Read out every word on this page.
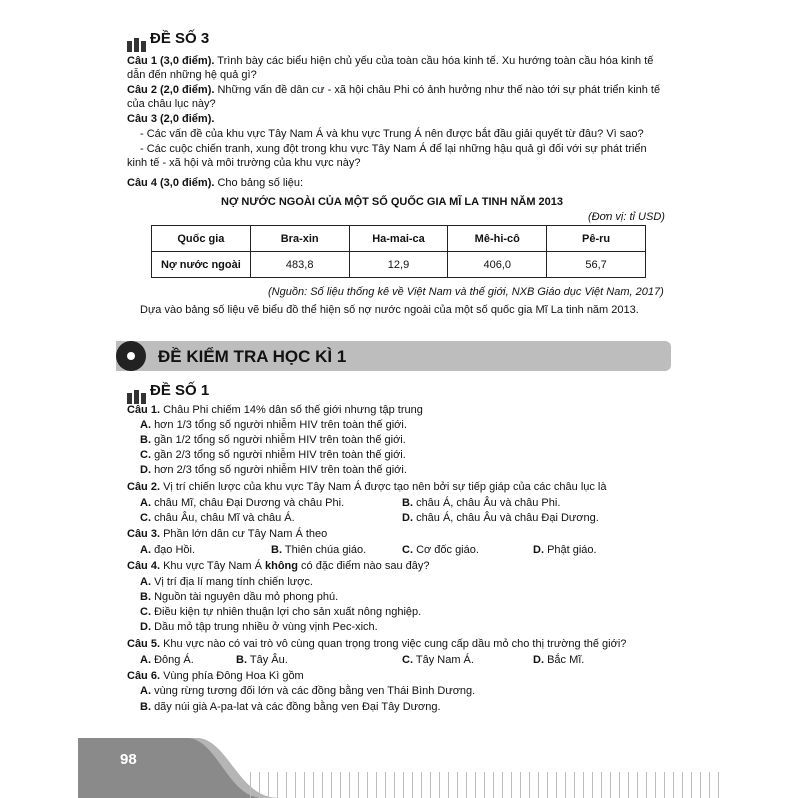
ĐỀ SỐ 3
Câu 1 (3,0 điểm). Trình bày các biểu hiện chủ yếu của toàn cầu hóa kinh tế. Xu hướng toàn cầu hóa kinh tế
dẫn đến những hệ quả gì?
Câu 2 (2,0 điểm). Những vấn đề dân cư - xã hội châu Phi có ảnh hưởng như thế nào tới sự phát triển kinh tế
của châu lục này?
Câu 3 (2,0 điểm).
- Các vấn đề của khu vực Tây Nam Á và khu vực Trung Á nên được bắt đầu giải quyết từ đâu? Vì sao?
- Các cuộc chiến tranh, xung đột trong khu vực Tây Nam Á để lại những hậu quả gì đối với sự phát triển
kinh tế - xã hội và môi trường của khu vực này?
Câu 4 (3,0 điểm). Cho bảng số liệu:
NỢ NƯỚC NGOÀI CỦA MỘT SỐ QUỐC GIA MĨ LA TINH NĂM 2013
(Đơn vị: tỉ USD)
Quốc gia	Bra-xin	Ha-mai-ca	Mê-hi-cô	Pê-ru
Nợ nước ngoài	483,8	12,9	406,0	56,7
(Nguồn: Số liệu thống kê về Việt Nam và thế giới, NXB Giáo dục Việt Nam, 2017)
Dựa vào bảng số liệu vẽ biểu đồ thể hiện số nợ nước ngoài của một số quốc gia Mĩ La tinh năm 2013.
ĐỀ KIỂM TRA HỌC KÌ 1
ĐỀ SỐ 1
Câu 1. Châu Phi chiếm 14% dân số thế giới nhưng tập trung
A. hơn 1/3 tổng số người nhiễm HIV trên toàn thế giới.
B. gần 1/2 tổng số người nhiễm HIV trên toàn thế giới.
C. gần 2/3 tổng số người nhiễm HIV trên toàn thế giới.
D. hơn 2/3 tổng số người nhiễm HIV trên toàn thế giới.
Câu 2. Vị trí chiến lược của khu vực Tây Nam Á được tạo nên bởi sự tiếp giáp của các châu lục là
A. châu Mĩ, châu Đại Dương và châu Phi.	B. châu Á, châu Âu và châu Phi.
C. châu Âu, châu Mĩ và châu Á.	D. châu Á, châu Âu và châu Đại Dương.
Câu 3. Phần lớn dân cư Tây Nam Á theo
A. đạo Hồi.	B. Thiên chúa giáo.	C. Cơ đốc giáo.	D. Phật giáo.
Câu 4. Khu vực Tây Nam Á không có đặc điểm nào sau đây?
A. Vị trí địa lí mang tính chiến lược.
B. Nguồn tài nguyên dầu mỏ phong phú.
C. Điều kiện tự nhiên thuận lợi cho sản xuất nông nghiệp.
D. Dầu mỏ tập trung nhiều ở vùng vịnh Pec-xich.
Câu 5. Khu vực nào có vai trò vô cùng quan trọng trong việc cung cấp dầu mỏ cho thị trường thế giới?
A. Đông Á.	B. Tây Âu.	C. Tây Nam Á.	D. Bắc Mĩ.
Câu 6. Vùng phía Đông Hoa Kì gồm
A. vùng rừng tương đối lớn và các đồng bằng ven Thái Bình Dương.
B. dãy núi già A-pa-lat và các đồng bằng ven Đại Tây Dương.
98
